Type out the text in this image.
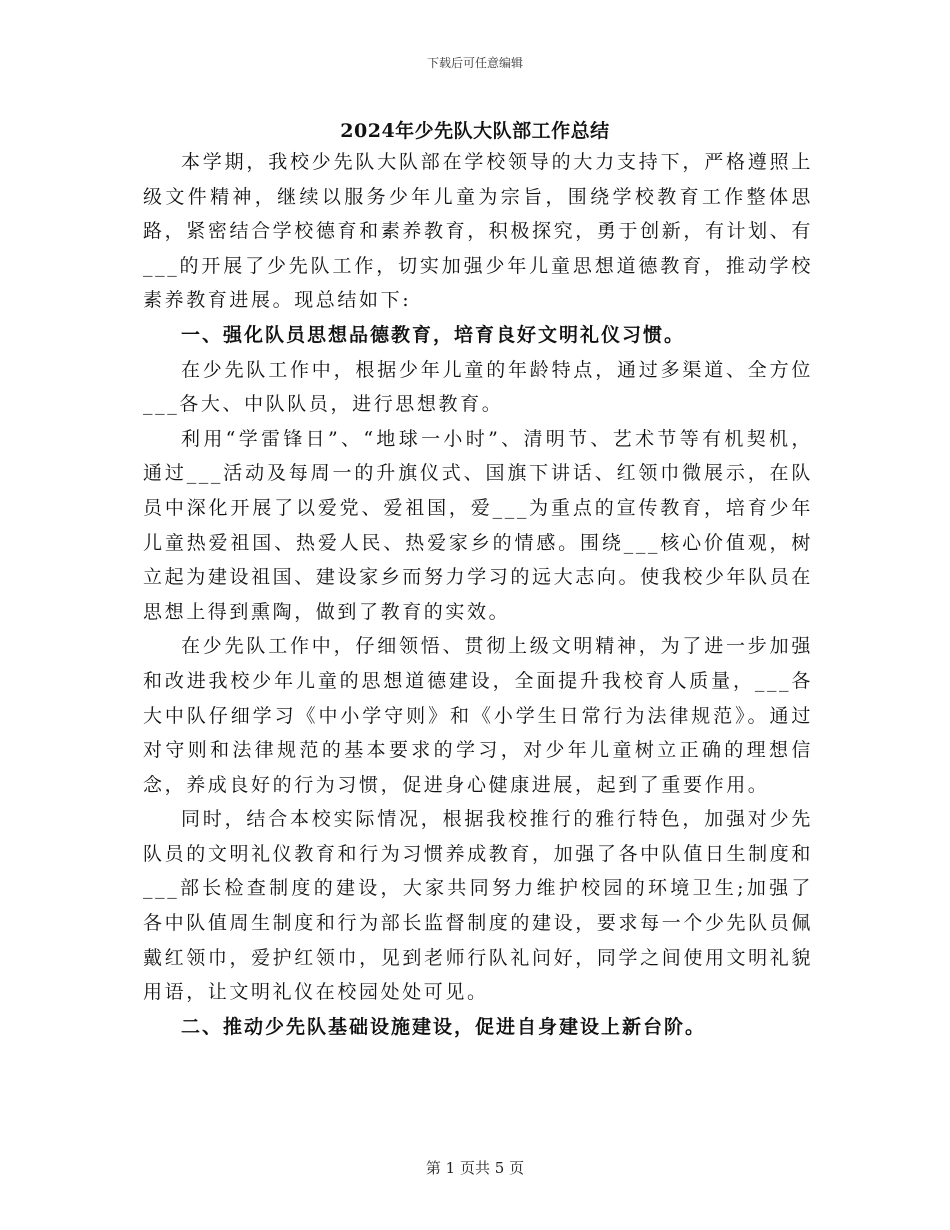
下载后可任意编辑
2024年少先队大队部工作总结

本学期，我校少先队大队部在学校领导的大力支持下，严格遵照上级文件精神，继续以服务少年儿童为宗旨，围绕学校教育工作整体思路，紧密结合学校德育和素养教育，积极探究，勇于创新，有计划、有___的开展了少先队工作，切实加强少年儿童思想道德教育，推动学校素养教育进展。现总结如下:

一、强化队员思想品德教育，培育良好文明礼仪习惯。

在少先队工作中，根据少年儿童的年龄特点，通过多渠道、全方位___各大、中队队员，进行思想教育。

利用“学雷锋日”、“地球一小时”、清明节、艺术节等有机契机，通过___活动及每周一的升旗仪式、国旗下讲话、红领巾微展示，在队员中深化开展了以爱党、爱祖国，爱___为重点的宣传教育，培育少年儿童热爱祖国、热爱人民、热爱家乡的情感。围绕___核心价值观，树立起为建设祖国、建设家乡而努力学习的远大志向。使我校少年队员在思想上得到熏陶，做到了教育的实效。

在少先队工作中，仔细领悟、贯彻上级文明精神，为了进一步加强和改进我校少年儿童的思想道德建设，全面提升我校育人质量，___各大中队仔细学习《中小学守则》和《小学生日常行为法律规范》。通过对守则和法律规范的基本要求的学习，对少年儿童树立正确的理想信念，养成良好的行为习惯，促进身心健康进展，起到了重要作用。

同时，结合本校实际情况，根据我校推行的雅行特色，加强对少先队员的文明礼仪教育和行为习惯养成教育，加强了各中队值日生制度和___部长检查制度的建设，大家共同努力维护校园的环境卫生;加强了各中队值周生制度和行为部长监督制度的建设，要求每一个少先队员佩戴红领巾，爱护红领巾，见到老师行队礼问好，同学之间使用文明礼貌用语，让文明礼仪在校园处处可见。

二、推动少先队基础设施建设，促进自身建设上新台阶。

第 1 页共 5 页
